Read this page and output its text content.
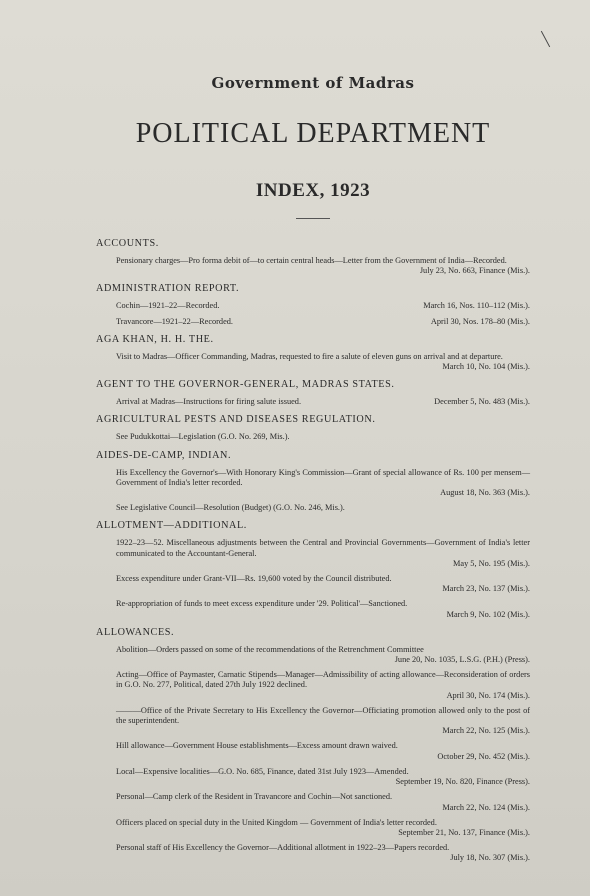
Government of Madras
POLITICAL DEPARTMENT
INDEX, 1923
ACCOUNTS.
Pensionary charges—Pro forma debit of—to certain central heads—Letter from the Government of India—Recorded.
July 23, No. 663, Finance (Mis.).
ADMINISTRATION REPORT.
Cochin—1921–22—Recorded.	March 16, Nos. 110–112 (Mis.).
Travancore—1921–22—Recorded.	April 30, Nos. 178–80 (Mis.).
AGA KHAN, H. H. THE.
Visit to Madras—Officer Commanding, Madras, requested to fire a salute of eleven guns on arrival and at departure.
March 10, No. 104 (Mis.).
AGENT TO THE GOVERNOR-GENERAL, MADRAS STATES.
Arrival at Madras—Instructions for firing salute issued.	December 5, No. 483 (Mis.).
AGRICULTURAL PESTS AND DISEASES REGULATION.
See Pudukkottai—Legislation (G.O. No. 269, Mis.).
AIDES-DE-CAMP, INDIAN.
His Excellency the Governor's—With Honorary King's Commission—Grant of special allowance of Rs. 100 per mensem—Government of India's letter recorded.
August 18, No. 363 (Mis.).
See Legislative Council—Resolution (Budget) (G.O. No. 246, Mis.).
ALLOTMENT—ADDITIONAL.
1922–23—52. Miscellaneous adjustments between the Central and Provincial Governments—Government of India's letter communicated to the Accountant-General.
May 5, No. 195 (Mis.).
Excess expenditure under Grant-VII—Rs. 19,600 voted by the Council distributed.
March 23, No. 137 (Mis.).
Re-appropriation of funds to meet excess expenditure under '29. Political'—Sanctioned.
March 9, No. 102 (Mis.).
ALLOWANCES.
Abolition—Orders passed on some of the recommendations of the Retrenchment Committee
June 20, No. 1035, L.S.G. (P.H.) (Press).
Acting—Office of Paymaster, Carnatic Stipends—Manager—Admissibility of acting allowance—Reconsideration of orders in G.O. No. 277, Political, dated 27th July 1922 declined.
April 30, No. 174 (Mis.).
———Office of the Private Secretary to His Excellency the Governor—Officiating promotion allowed only to the post of the superintendent.
March 22, No. 125 (Mis.).
Hill allowance—Government House establishments—Excess amount drawn waived.
October 29, No. 452 (Mis.).
Local—Expensive localities—G.O. No. 685, Finance, dated 31st July 1923—Amended.
September 19, No. 820, Finance (Press).
Personal—Camp clerk of the Resident in Travancore and Cochin—Not sanctioned.
March 22, No. 124 (Mis.).
Officers placed on special duty in the United Kingdom — Government of India's letter recorded.
September 21, No. 137, Finance (Mis.).
Personal staff of His Excellency the Governor—Additional allotment in 1922–23—Papers recorded.
July 18, No. 307 (Mis.).
